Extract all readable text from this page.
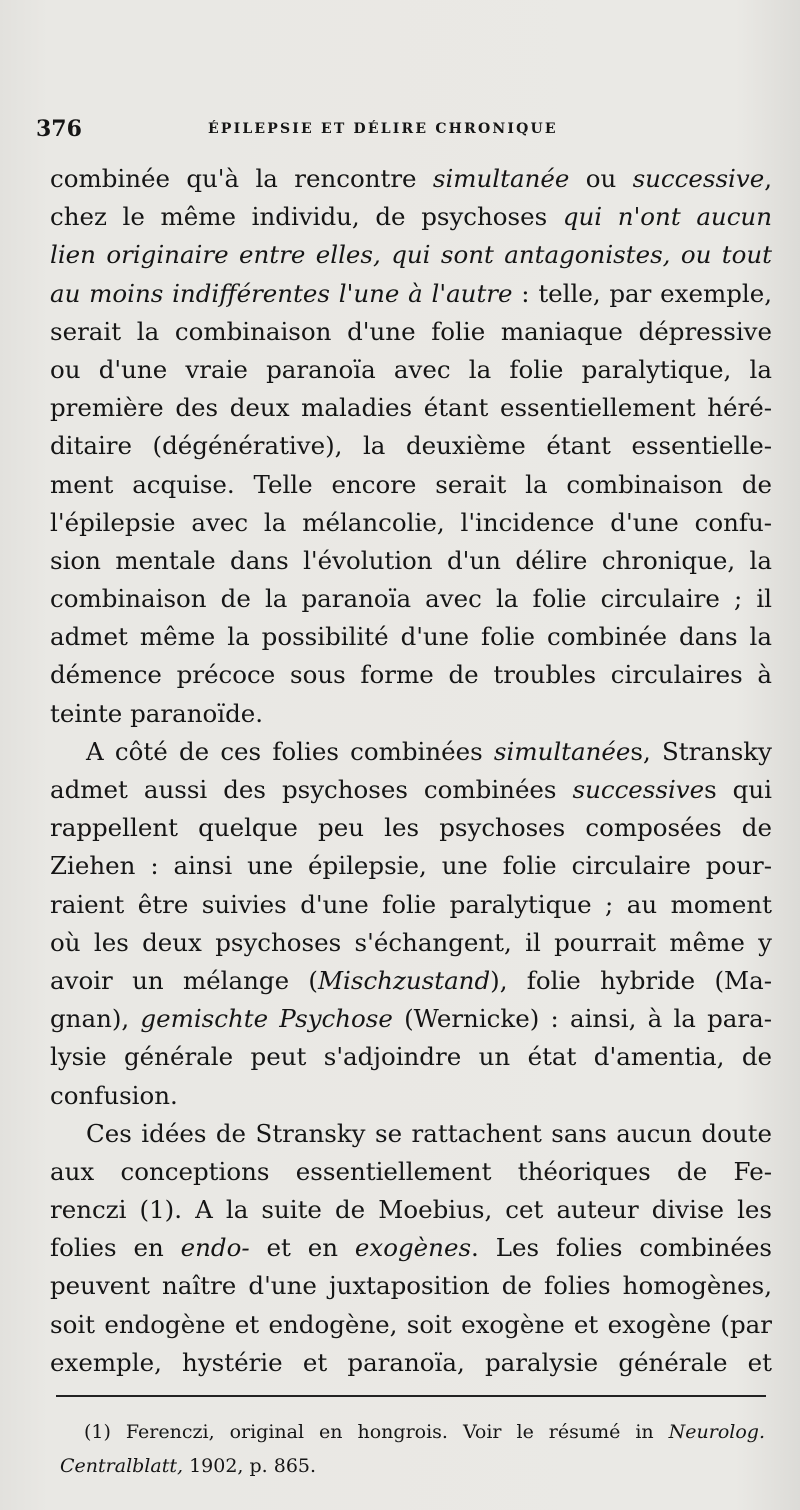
376	ÉPILEPSIE ET DÉLIRE CHRONIQUE
combinée qu'à la rencontre simultanée ou successive,
chez le même individu, de psychoses qui n'ont aucun
lien originaire entre elles, qui sont antagonistes, ou tout
au moins indifférentes l'une à l'autre : telle, par exemple,
serait la combinaison d'une folie maniaque dépressive
ou d'une vraie paranoïa avec la folie paralytique, la
première des deux maladies étant essentiellement héré-
ditaire (dégénérative), la deuxième étant essentielle-
ment acquise. Telle encore serait la combinaison de
l'épilepsie avec la mélancolie, l'incidence d'une confu-
sion mentale dans l'évolution d'un délire chronique, la
combinaison de la paranoïa avec la folie circulaire ; il
admet même la possibilité d'une folie combinée dans la
démence précoce sous forme de troubles circulaires à
teinte paranoïde.
A côté de ces folies combinées simultanées, Stransky
admet aussi des psychoses combinées successives qui
rappellent quelque peu les psychoses composées de
Ziehen : ainsi une épilepsie, une folie circulaire pour-
raient être suivies d'une folie paralytique ; au moment
où les deux psychoses s'échangent, il pourrait même y
avoir un mélange (Mischzustand), folie hybride (Ma-
gnan), gemischte Psychose (Wernicke) : ainsi, à la para-
lysie générale peut s'adjoindre un état d'amentia, de
confusion.
Ces idées de Stransky se rattachent sans aucun doute
aux conceptions essentiellement théoriques de Fe-
renczi (1). A la suite de Moebius, cet auteur divise les
folies en endo- et en exogènes. Les folies combinées
peuvent naître d'une juxtaposition de folies homogènes,
soit endogène et endogène, soit exogène et exogène (par
exemple, hystérie et paranoïa, paralysie générale et
(1) Ferenczi, original en hongrois. Voir le résumé in Neurolog.
Centralblatt, 1902, p. 865.
